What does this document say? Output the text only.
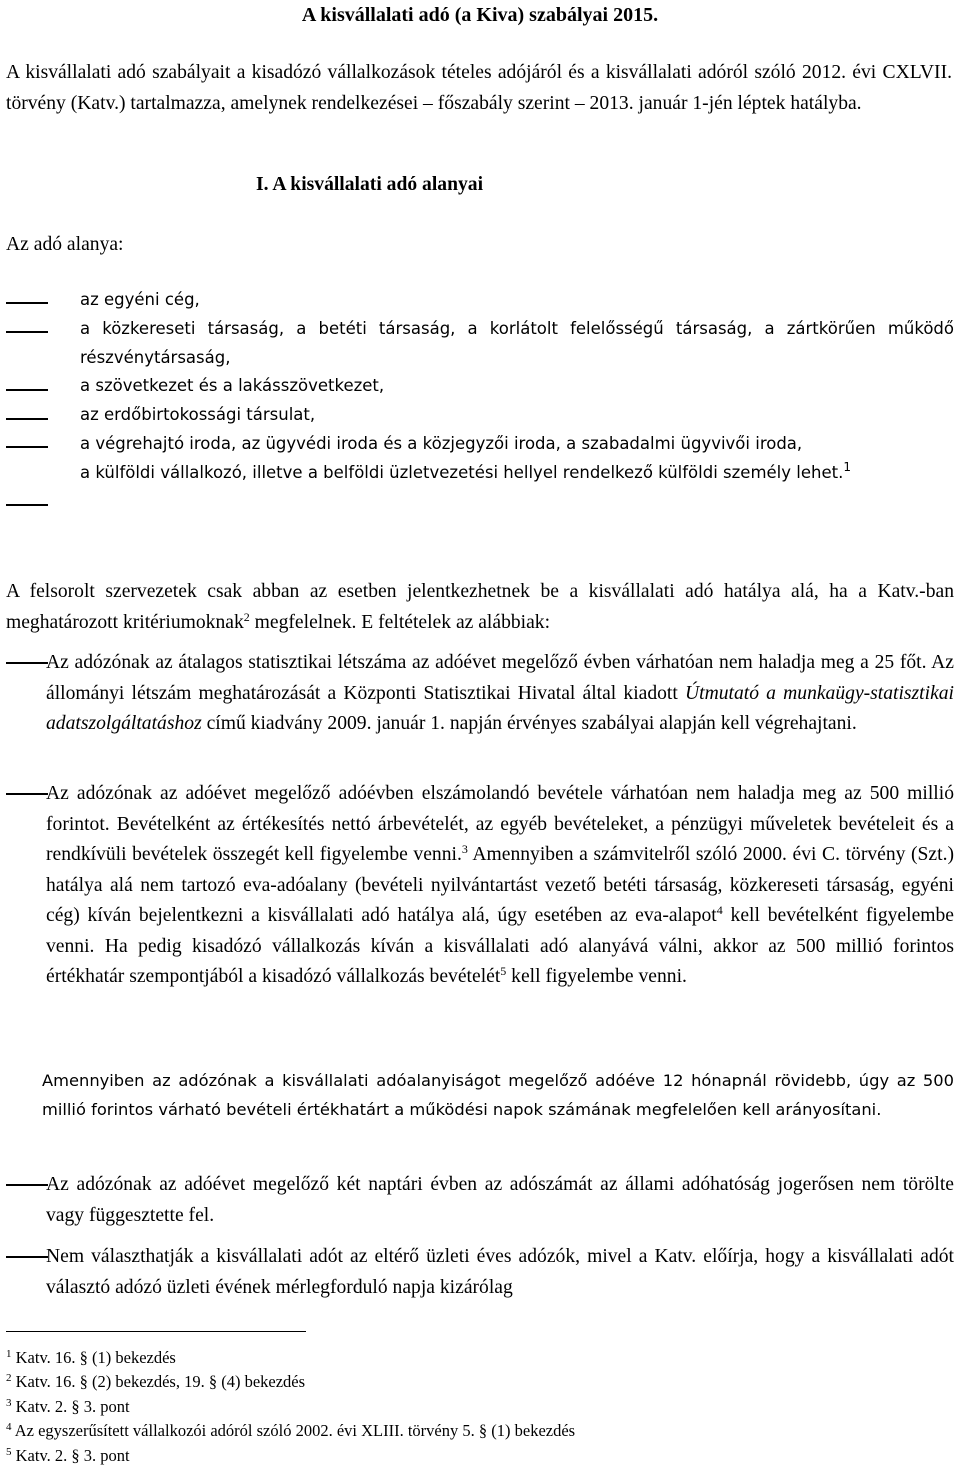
A kisvállalati adó (a Kiva) szabályai 2015.

A kisvállalati adó szabályait a kisadózó vállalkozások tételes adójáról és a kisvállalati adóról szóló 2012. évi CXLVII. törvény (Katv.) tartalmazza, amelynek rendelkezései – főszabály szerint – 2013. január 1-jén léptek hatályba.

I. A kisvállalati adó alanyai

Az adó alanya:

az egyéni cég,
a közkereseti társaság, a betéti társaság, a korlátolt felelősségű társaság, a zártkörűen működő részvénytársaság,
a szövetkezet és a lakásszövetkezet,
az erdőbirtokossági társulat,
a végrehajtó iroda, az ügyvédi iroda és a közjegyzői iroda, a szabadalmi ügyvivői iroda,
a külföldi vállalkozó, illetve a belföldi üzletvezetési hellyel rendelkező külföldi személy lehet.$^1$

A felsorolt szervezetek csak abban az esetben jelentkezhetnek be a kisvállalati adó hatálya alá, ha a Katv.-ban meghatározott kritériumoknak$^2$ megfelelnek. E feltételek az alábbiak:

Az adózónak az átalagos statisztikai létszáma az adóévet megelőző évben várhatóan nem haladja meg a 25 főt. Az állományi létszám meghatározását a Központi Statisztikai Hivatal által kiadott Útmutató a munkaügy-statisztikai adatszolgáltatáshoz című kiadvány 2009. január 1. napján érvényes szabályai alapján kell végrehajtani.

Az adózónak az adóévet megelőző adóévben elszámolandó bevétele várhatóan nem haladja meg az 500 millió forintot. Bevételként az értékesítés nettó árbevételét, az egyéb bevételeket, a pénzügyi műveletek bevételeit és a rendkívüli bevételek összegét kell figyelembe venni.$^3$ Amennyiben a számvitelről szóló 2000. évi C. törvény (Szt.) hatálya alá nem tartozó eva-adóalany (bevételi nyilvántartást vezető betéti társaság, közkereseti társaság, egyéni cég) kíván bejelentkezni a kisvállalati adó hatálya alá, úgy esetében az eva-alapot$^4$ kell bevételként figyelembe venni. Ha pedig kisadózó vállalkozás kíván a kisvállalati adó alanyává válni, akkor az 500 millió forintos értékhatár szempontjából a kisadózó vállalkozás bevételét$^5$ kell figyelembe venni.

Amennyiben az adózónak a kisvállalati adóalanyiságot megelőző adóéve 12 hónapnál rövidebb, úgy az 500 millió forintos várható bevételi értékhatárt a működési napok számának megfelelően kell arányosítani.

Az adózónak az adóévet megelőző két naptári évben az adószámát az állami adóhatóság jogerősen nem törölte vagy függesztette fel.

Nem választhatják a kisvállalati adót az eltérő üzleti éves adózók, mivel a Katv. előírja, hogy a kisvállalati adót választó adózó üzleti évének mérlegforduló napja kizárólag

$^1$ Katv. 16. § (1) bekezdés
$^2$ Katv. 16. § (2) bekezdés, 19. § (4) bekezdés
$^3$ Katv. 2. § 3. pont
$^4$ Az egyszerűsített vállalkozói adóról szóló 2002. évi XLIII. törvény 5. § (1) bekezdés
$^5$ Katv. 2. § 3. pont
